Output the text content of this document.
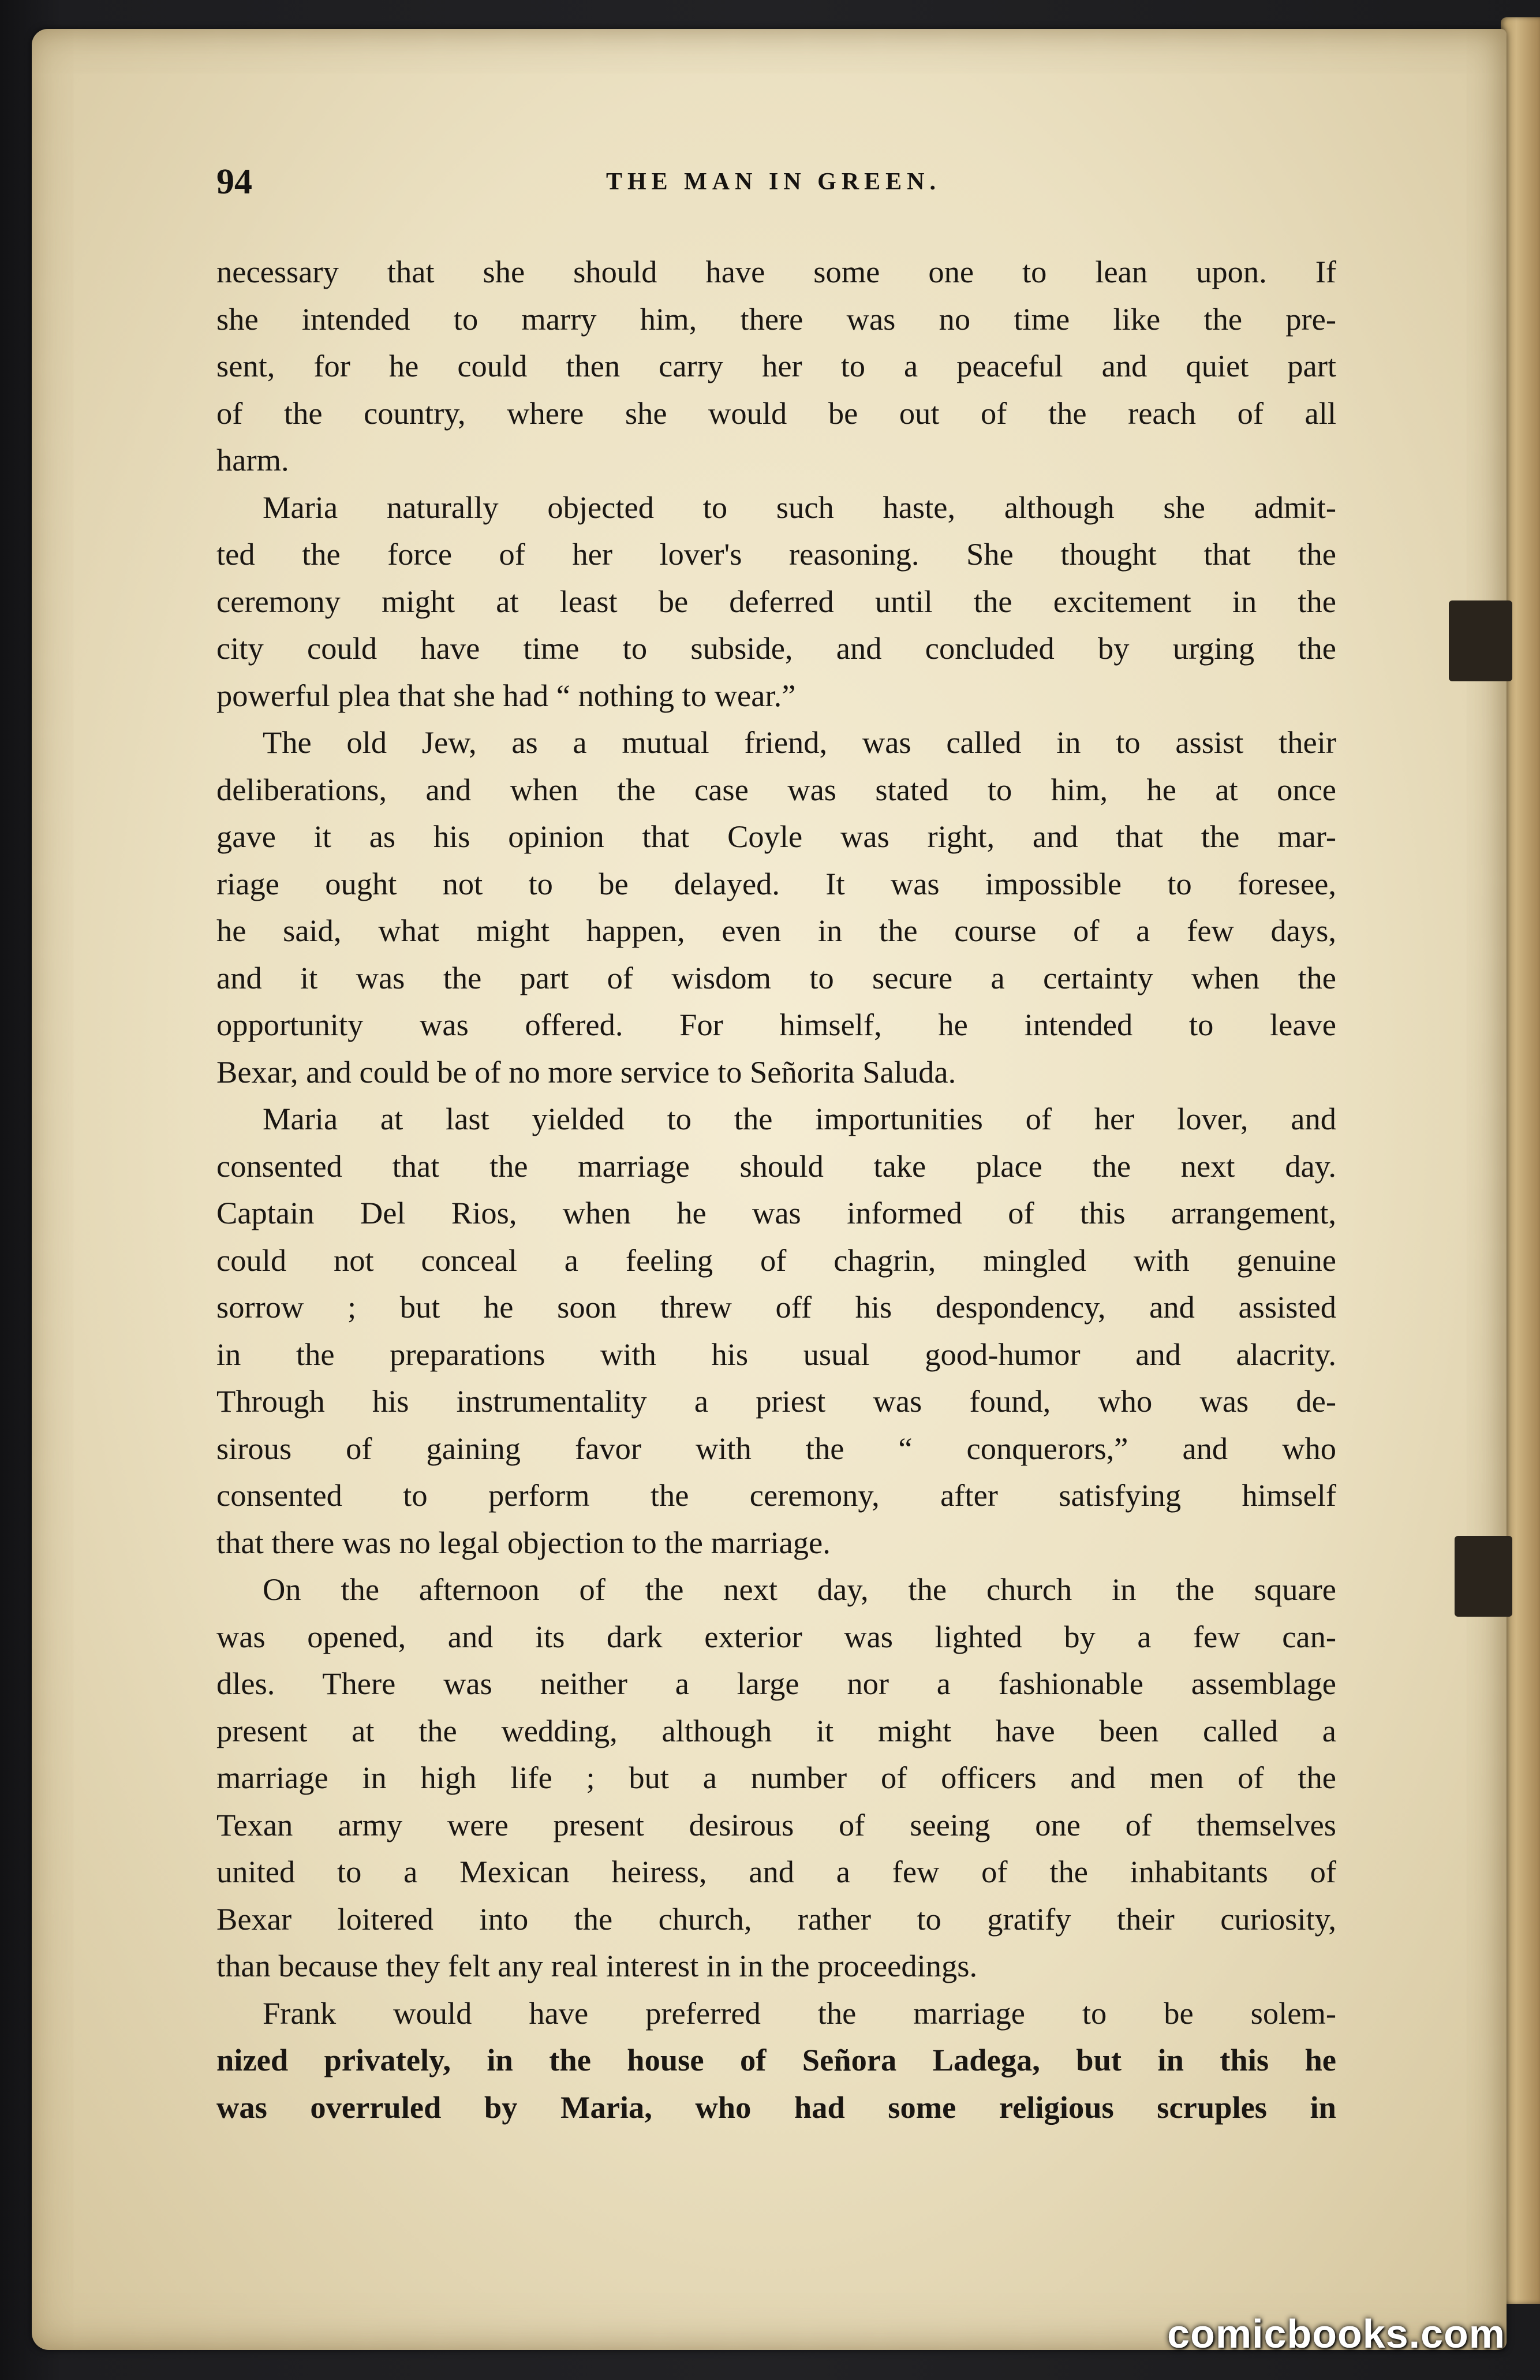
94	THE MAN IN GREEN.

necessary that she should have some one to lean upon. If

she intended to marry him, there was no time like the pre-

sent, for he could then carry her to a peaceful and quiet part

of the country, where she would be out of the reach of all

harm.

Maria naturally objected to such haste, although she admit-

ted the force of her lover's reasoning. She thought that the

ceremony might at least be deferred until the excitement in the

city could have time to subside, and concluded by urging the

powerful plea that she had “ nothing to wear.”

The old Jew, as a mutual friend, was called in to assist their

deliberations, and when the case was stated to him, he at once

gave it as his opinion that Coyle was right, and that the mar-

riage ought not to be delayed. It was impossible to foresee,

he said, what might happen, even in the course of a few days,

and it was the part of wisdom to secure a certainty when the

opportunity was offered. For himself, he intended to leave

Bexar, and could be of no more service to Señorita Saluda.

Maria at last yielded to the importunities of her lover, and

consented that the marriage should take place the next day.

Captain Del Rios, when he was informed of this arrangement,

could not conceal a feeling of chagrin, mingled with genuine

sorrow ; but he soon threw off his despondency, and assisted

in the preparations with his usual good-humor and alacrity.

Through his instrumentality a priest was found, who was de-

sirous of gaining favor with the “ conquerors,” and who

consented to perform the ceremony, after satisfying himself

that there was no legal objection to the marriage.

On the afternoon of the next day, the church in the square

was opened, and its dark exterior was lighted by a few can-

dles. There was neither a large nor a fashionable assemblage

present at the wedding, although it might have been called a

marriage in high life ; but a number of officers and men of the

Texan army were present desirous of seeing one of themselves

united to a Mexican heiress, and a few of the inhabitants of

Bexar loitered into the church, rather to gratify their curiosity,

than because they felt any real interest in in the proceedings.

Frank would have preferred the marriage to be solem-

nized privately, in the house of Señora Ladega, but in this he

was overruled by Maria, who had some religious scruples in

comicbooks.com
